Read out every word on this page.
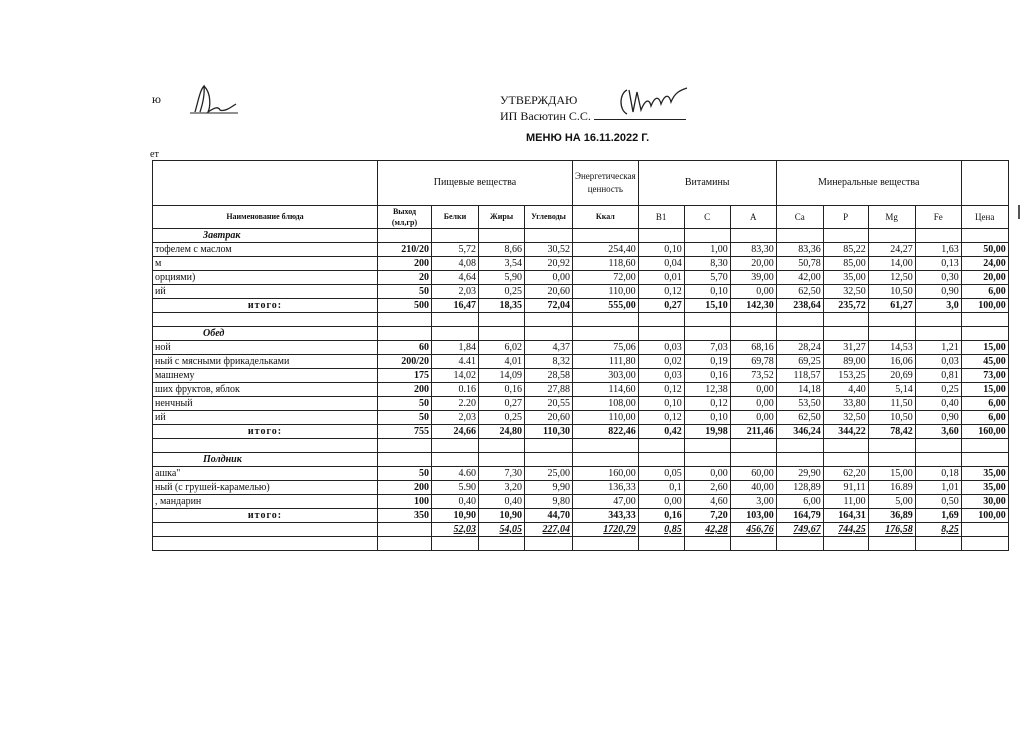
ю	УТВЕРЖДАЮ
ИП Васютин С.С.
МЕНЮ НА 16.11.2022 Г.
ет
	Пищевые вещества				Энергетическая ценность	Витамины			Минеральные вещества				
Наименование блюда	Выход (мл,гр)	Белки	Жиры	Углеводы	Ккал	B1	C	A	Ca	P	Mg	Fe	Цена
Завтрак													
тофелем с маслом	210/20	5,72	8,66	30,52	254,40	0,10	1,00	83,30	83,36	85,22	24,27	1,63	50,00
м	200	4,08	3,54	20,92	118,60	0,04	8,30	20,00	50,78	85,00	14,00	0,13	24,00
орциями)	20	4,64	5,90	0,00	72,00	0,01	5,70	39,00	42,00	35,00	12,50	0,30	20,00
ий	50	2,03	0,25	20,60	110,00	0,12	0,10	0,00	62,50	32,50	10,50	0,90	6,00
итого:	500	16,47	18,35	72,04	555,00	0,27	15,10	142,30	238,64	235,72	61,27	3,0	100,00

Обед													
ной	60	1,84	6,02	4,37	75,06	0,03	7,03	68,16	28,24	31,27	14,53	1,21	15,00
ный с мясными фрикадельками	200/20	4.41	4,01	8,32	111,80	0,02	0,19	69,78	69,25	89,00	16,06	0,03	45,00
машнему	175	14,02	14,09	28,58	303,00	0,03	0,16	73,52	118,57	153,25	20,69	0,81	73,00
ших фруктов, яблок	200	0.16	0,16	27,88	114,60	0,12	12,38	0,00	14,18	4,40	5,14	0,25	15,00
ненчный	50	2.20	0,27	20,55	108,00	0,10	0,12	0,00	53,50	33,80	11,50	0,40	6,00
ий	50	2,03	0,25	20,60	110,00	0,12	0,10	0,00	62,50	32,50	10,50	0,90	6,00
итого:	755	24,66	24,80	110,30	822,46	0,42	19,98	211,46	346,24	344,22	78,42	3,60	160,00

Полдник													
ашка"	50	4.60	7,30	25,00	160,00	0,05	0,00	60,00	29,90	62,20	15,00	0,18	35,00
ный (с грушей-карамелью)	200	5.90	3,20	9,90	136,33	0,1	2,60	40,00	128,89	91,11	16.89	1,01	35,00
, мандарин	100	0,40	0,40	9,80	47,00	0,00	4,60	3,00	6,00	11,00	5,00	0,50	30,00
итого:	350	10,90	10,90	44,70	343,33	0,16	7,20	103,00	164,79	164,31	36,89	1,69	100,00
		52,03	54,05	227,04	1720,79	0,85	42,28	456,76	749,67	744,25	176,58	8,25	
